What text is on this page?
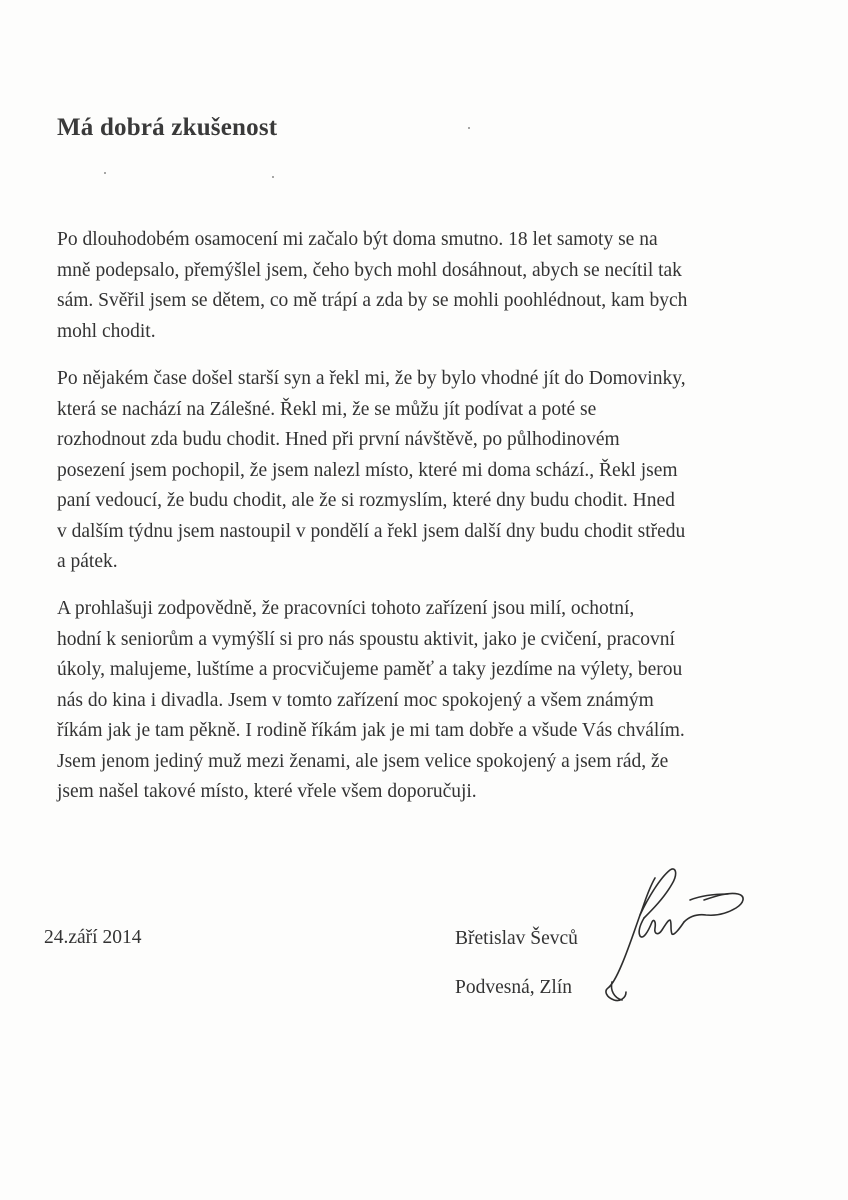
Má dobrá zkušenost

Po dlouhodobém osamocení mi začalo být doma smutno. 18 let samoty se na
mně podepsalo, přemýšlel jsem, čeho bych mohl dosáhnout, abych se necítil tak
sám. Svěřil jsem se dětem, co mě trápí a zda by se mohli poohlédnout, kam bych
mohl chodit.

Po nějakém čase došel starší syn a řekl mi, že by bylo vhodné jít do Domovinky,
která se nachází na Zálešné. Řekl mi, že se můžu jít podívat a poté se
rozhodnout zda budu chodit. Hned při první návštěvě, po půlhodinovém
posezení jsem pochopil, že jsem nalezl místo, které mi doma schází., Řekl jsem
paní vedoucí, že budu chodit, ale že si rozmyslím, které dny budu chodit. Hned
v dalším týdnu jsem nastoupil v pondělí a řekl jsem další dny budu chodit středu
a pátek.

A prohlašuji zodpovědně, že pracovníci tohoto zařízení jsou milí, ochotní,
hodní k seniorům a vymýšlí si pro nás spoustu aktivit, jako je cvičení, pracovní
úkoly, malujeme, luštíme a procvičujeme paměť a taky jezdíme na výlety, berou
nás do kina i divadla. Jsem v tomto zařízení moc spokojený a všem známým
říkám jak je tam pěkně. I rodině říkám jak je mi tam dobře a všude Vás chválím.
Jsem jenom jediný muž mezi ženami, ale jsem velice spokojený a jsem rád, že
jsem našel takové místo, které vřele všem doporučuji.

24.září 2014	Břetislav Ševců
Podvesná, Zlín
